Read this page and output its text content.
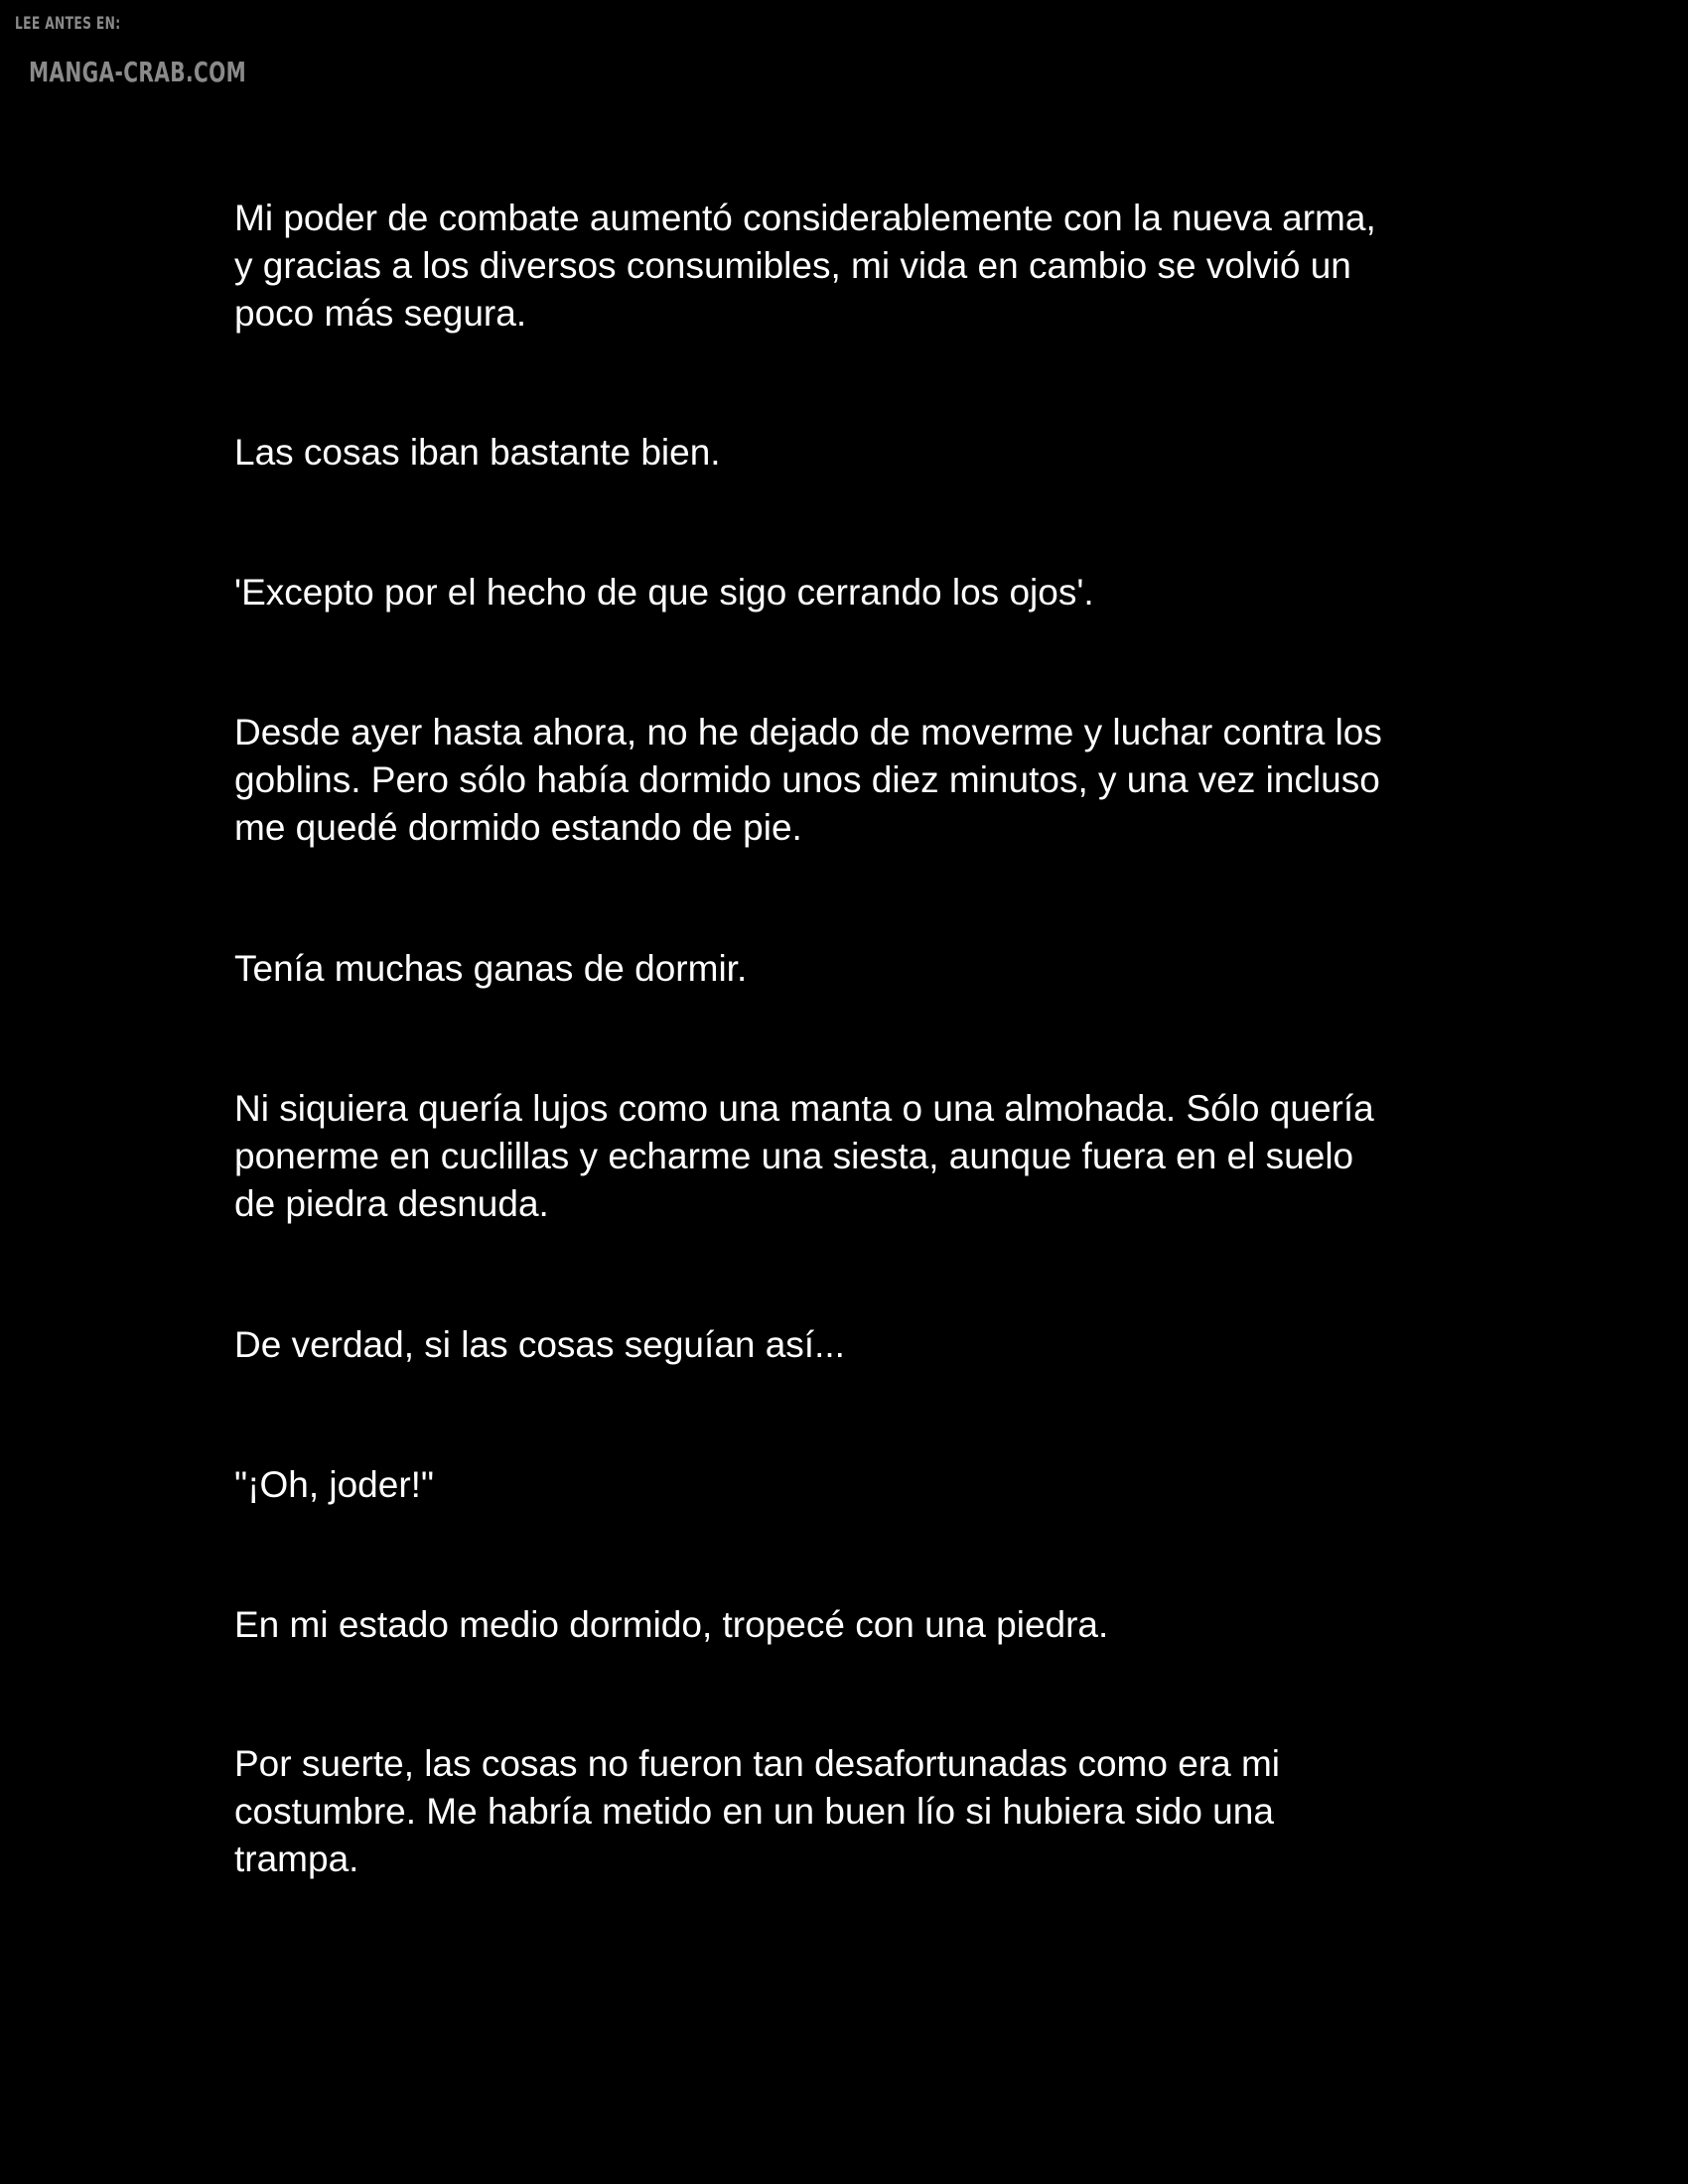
LEE ANTES EN:
MANGA-CRAB.COM

Mi poder de combate aumentó considerablemente con la nueva arma,
y gracias a los diversos consumibles, mi vida en cambio se volvió un
poco más segura.

Las cosas iban bastante bien.

'Excepto por el hecho de que sigo cerrando los ojos'.

Desde ayer hasta ahora, no he dejado de moverme y luchar contra los
goblins. Pero sólo había dormido unos diez minutos, y una vez incluso
me quedé dormido estando de pie.

Tenía muchas ganas de dormir.

Ni siquiera quería lujos como una manta o una almohada. Sólo quería
ponerme en cuclillas y echarme una siesta, aunque fuera en el suelo
de piedra desnuda.

De verdad, si las cosas seguían así...

"¡Oh, joder!"

En mi estado medio dormido, tropecé con una piedra.

Por suerte, las cosas no fueron tan desafortunadas como era mi
costumbre. Me habría metido en un buen lío si hubiera sido una
trampa.
